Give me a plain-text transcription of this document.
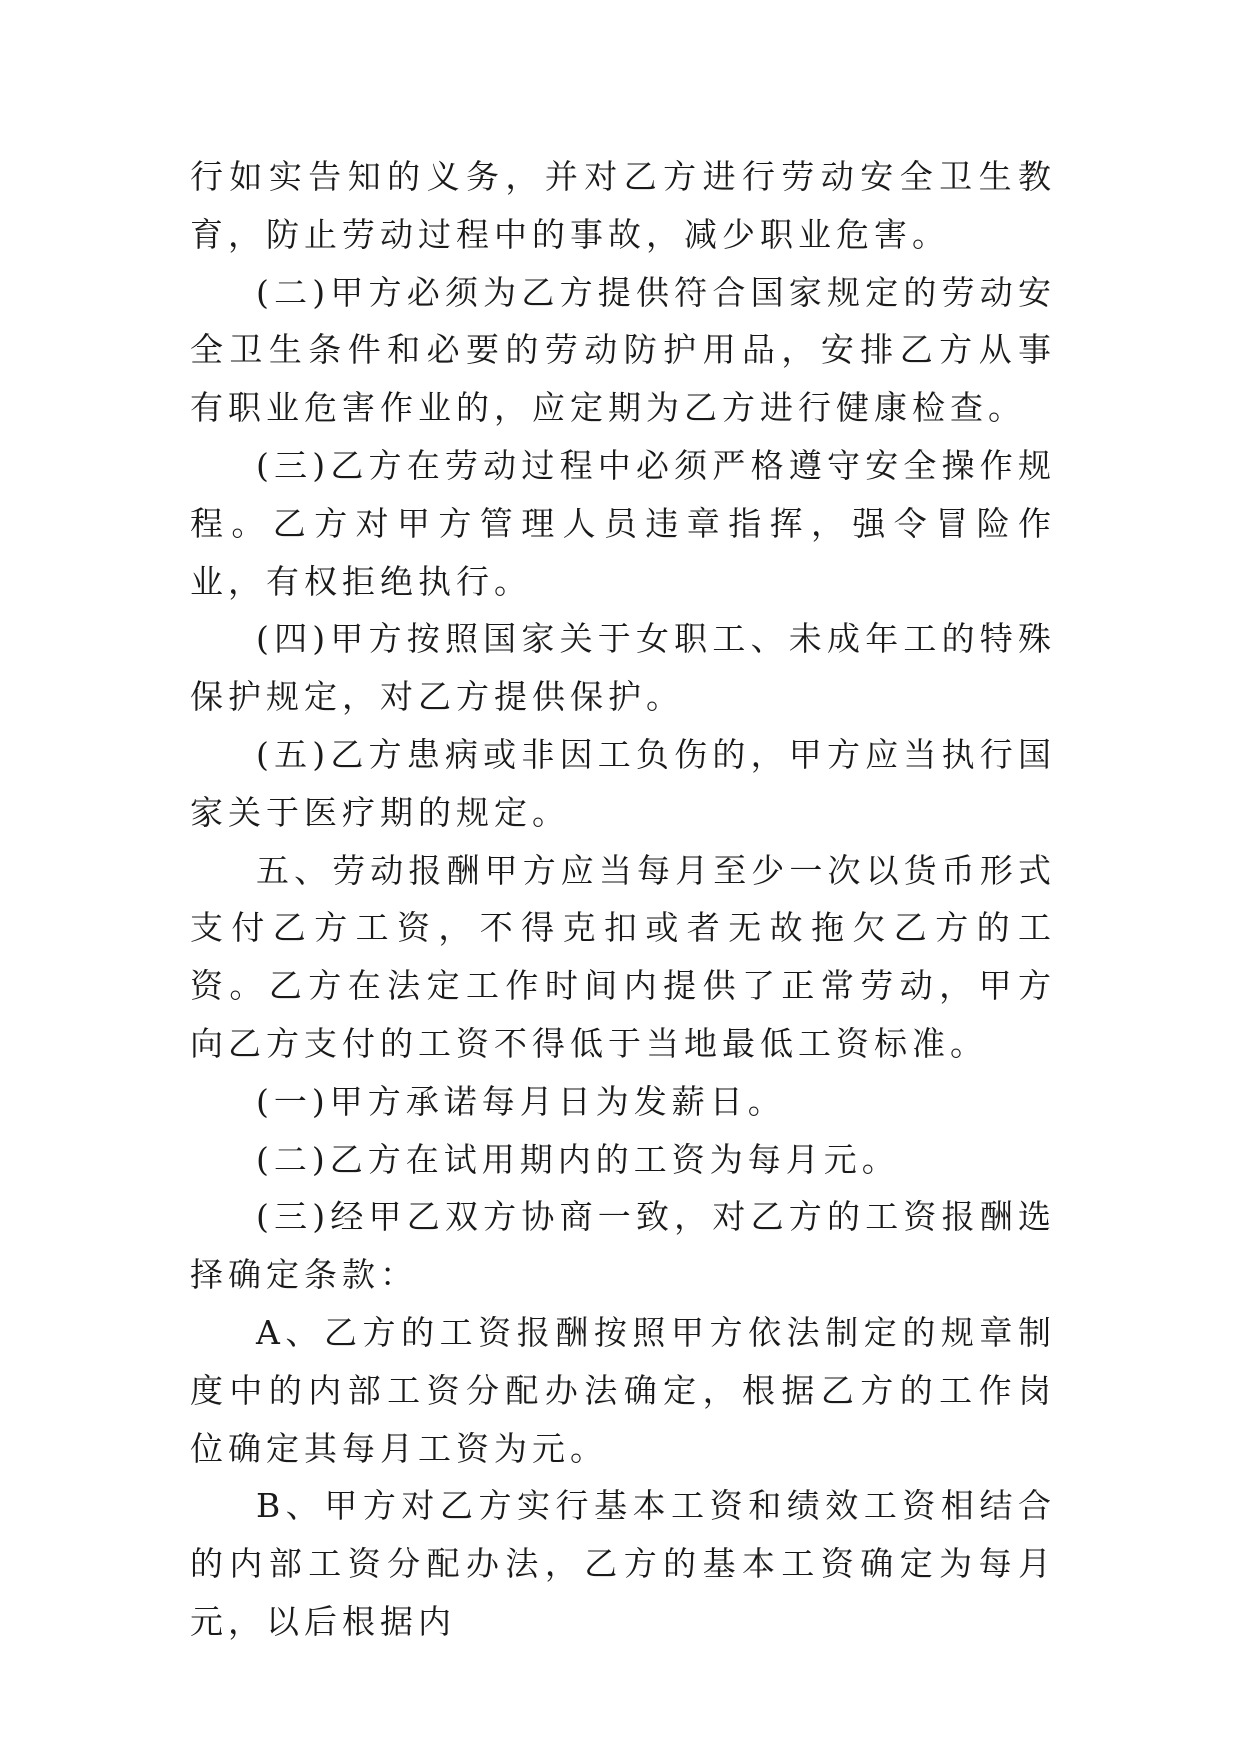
行如实告知的义务，并对乙方进行劳动安全卫生教育，防止劳动过程中的事故，减少职业危害。

(二)甲方必须为乙方提供符合国家规定的劳动安全卫生条件和必要的劳动防护用品，安排乙方从事有职业危害作业的，应定期为乙方进行健康检查。

(三)乙方在劳动过程中必须严格遵守安全操作规程。乙方对甲方管理人员违章指挥，强令冒险作业，有权拒绝执行。

(四)甲方按照国家关于女职工、未成年工的特殊保护规定，对乙方提供保护。

(五)乙方患病或非因工负伤的，甲方应当执行国家关于医疗期的规定。

五、劳动报酬甲方应当每月至少一次以货币形式支付乙方工资，不得克扣或者无故拖欠乙方的工资。乙方在法定工作时间内提供了正常劳动，甲方向乙方支付的工资不得低于当地最低工资标准。

(一)甲方承诺每月日为发薪日。

(二)乙方在试用期内的工资为每月元。

(三)经甲乙双方协商一致，对乙方的工资报酬选择确定条款：

A、乙方的工资报酬按照甲方依法制定的规章制度中的内部工资分配办法确定，根据乙方的工作岗位确定其每月工资为元。

B、甲方对乙方实行基本工资和绩效工资相结合的内部工资分配办法，乙方的基本工资确定为每月元，以后根据内
